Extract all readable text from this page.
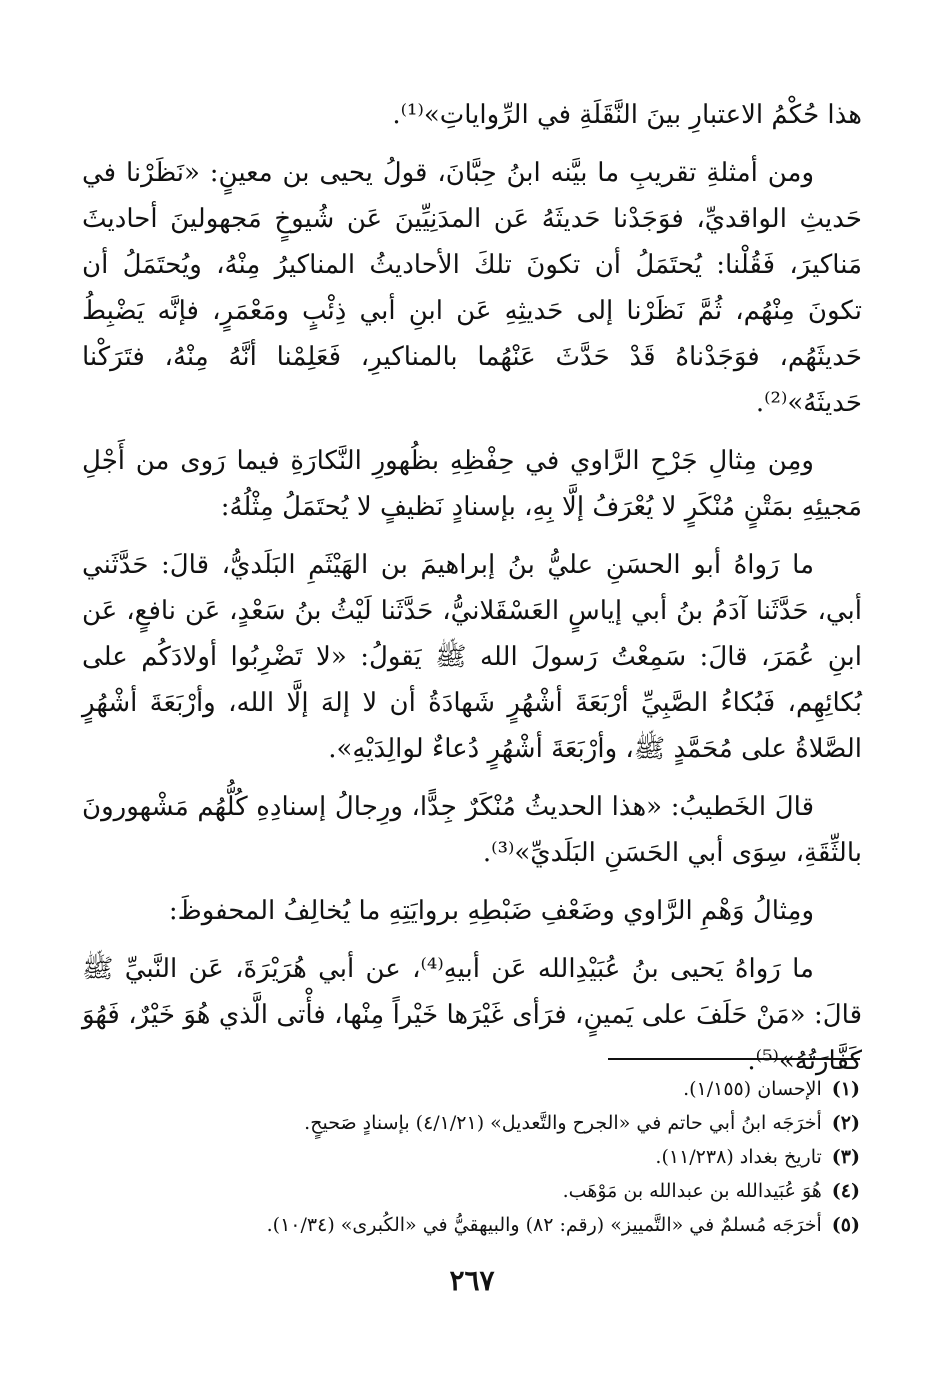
هذا حُكْمُ الاعتبارِ بينَ النَّقَلَةِ في الرِّواياتِ»⁽¹⁾.

ومن أمثلةِ تقريبِ ما بيَّنه ابنُ حِبَّانَ، قولُ يحيى بن معينٍ: «نَظَرْنا في حَديثِ الواقديِّ، فوَجَدْنا حَديثَهُ عَن المدَنِيِّينَ عَن شُيوخٍ مَجهولينَ أحاديثَ مَناكيرَ، فَقُلْنا: يُحتَمَلُ أن تكونَ تلكَ الأحاديثُ المناكيرُ مِنْهُ، ويُحتَمَلُ أن تكونَ مِنْهُم، ثُمَّ نَظَرْنا إلى حَديثِهِ عَن ابنِ أبي ذِئْبٍ ومَعْمَرٍ، فإنَّه يَضْبِطُ حَديثَهُم، فوَجَدْناهُ قَدْ حَدَّثَ عَنْهُما بالمناكيرِ، فَعَلِمْنا أنَّهُ مِنْهُ، فتَرَكْنا حَديثَهُ»⁽²⁾.

ومِن مِثالِ جَرْحِ الرَّاوي في حِفْظِهِ بظُهورِ النَّكارَةِ فيما رَوى من أَجْلِ مَجيئِهِ بمَتْنٍ مُنْكَرٍ لا يُعْرَفُ إلَّا بِهِ، بإسنادٍ نَظيفٍ لا يُحتَمَلُ مِثْلُهُ:

ما رَواهُ أبو الحسَنِ عليُّ بنُ إبراهيمَ بن الهَيْثَمِ البَلَديُّ، قالَ: حَدَّثَني أبي، حَدَّثَنا آدَمُ بنُ أبي إياسٍ العَسْقَلانيُّ، حَدَّثَنا لَيْثُ بنُ سَعْدٍ، عَن نافعٍ، عَن ابنِ عُمَرَ، قالَ: سَمِعْتُ رَسولَ الله ﷺ يَقولُ: «لا تَضْرِبُوا أولادَكُم على بُكائِهِم، فَبُكاءُ الصَّبِيِّ أرْبَعَةَ أشْهُرٍ شَهادَةُ أن لا إلهَ إلَّا الله، وأرْبَعَةَ أشْهُرٍ الصَّلاةُ على مُحَمَّدٍ ﷺ، وأرْبَعَةَ أشْهُرٍ دُعاءٌ لوالِدَيْهِ».

قالَ الخَطيبُ: «هذا الحديثُ مُنْكَرٌ جِدًّا، ورِجالُ إسنادِهِ كُلُّهُم مَشْهورونَ بالثِّقَةِ، سِوَى أبي الحَسَنِ البَلَديِّ»⁽³⁾.

ومِثالُ وَهْمِ الرَّاوي وضَعْفِ ضَبْطِهِ بروايَتِهِ ما يُخالِفُ المحفوظَ:

ما رَواهُ يَحيى بنُ عُبَيْدِالله عَن أبيهِ⁽⁴⁾، عن أبي هُرَيْرَةَ، عَن النَّبيِّ ﷺ قالَ: «مَنْ حَلَفَ على يَمينٍ، فرَأى غَيْرَها خَيْراً مِنْها، فأْتى الَّذي هُوَ خَيْرٌ، فَهُوَ كَفَّارَتُهُ»⁽⁵⁾.

(١)الإحسان (١/١٥٥).

(٢)أخرَجَه ابنُ أبي حاتم في «الجرح والتَّعديل» (٤/١/٢١) بإسنادٍ صَحيحٍ.

(٣)تاريخ بغداد (١١/٢٣٨).

(٤)هُوَ عُبَيدالله بن عبدالله بن مَوْهَب.

(٥)أخرَجَه مُسلمٌ في «التَّمييز» (رقم: ٨٢) والبيهقيُّ في «الكُبرى» (١٠/٣٤).

٢٦٧
